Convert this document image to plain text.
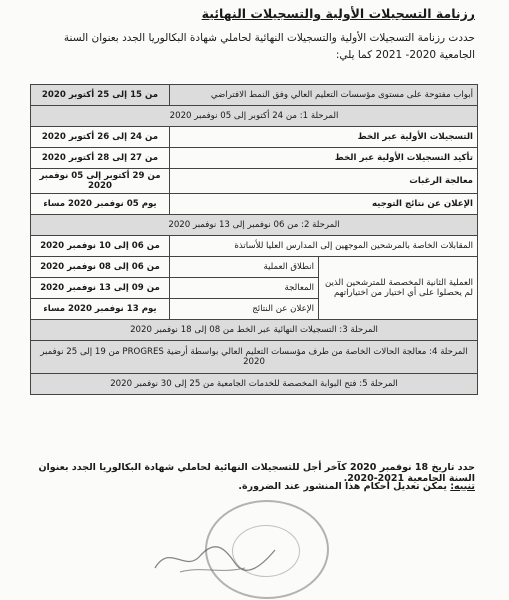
رزنامة التسجيلات الأولية والتسجيلات النهائية
حددت رزنامة التسجيلات الأولية والتسجيلات النهائية لحاملي شهادة البكالوريا الجدد بعنوان السنة الجامعية 2020- 2021 كما يلي:
أبواب مفتوحة على مستوى مؤسسات التعليم العالي وفق النمط الافتراضي		من 15 إلى 25 أكتوبر 2020
المرحلة 1: من 24 أكتوبر إلى 05 نوفمبر 2020		
التسجيلات الأولية عبر الخط		من 24 إلى 26 أكتوبر 2020
تأكيد التسجيلات الأولية عبر الخط		من 27 إلى 28 أكتوبر 2020
معالجة الرغبات		من 29 أكتوبر إلى 05 نوفمبر 2020
الإعلان عن نتائج التوجيه		يوم 05 نوفمبر 2020 مساء
المرحلة 2: من 06 نوفمبر إلى 13 نوفمبر 2020		
المقابلات الخاصة بالمرشحين الموجهين إلى المدارس العليا للأساتذة		من 06 إلى 10 نوفمبر 2020
العملية الثانية المخصصة للمترشحين الذين لم يحصلوا على أي اختيار من اختياراتهم	انطلاق العملية	من 06 إلى 08 نوفمبر 2020
	المعالجة	من 09 إلى 13 نوفمبر 2020
	الإعلان عن النتائج	يوم 13 نوفمبر 2020 مساء
المرحلة 3: التسجيلات النهائية عبر الخط من 08 إلى 18 نوفمبر 2020		
المرحلة 4: معالجة الحالات الخاصة من طرف مؤسسات التعليم العالي بواسطة أرضية PROGRES من 19 إلى 25 نوفمبر 2020		
المرحلة 5: فتح البوابة المخصصة للخدمات الجامعية من 25 إلى 30 نوفمبر 2020		
حدد تاريخ 18 نوفمبر 2020 كآخر أجل للتسجيلات النهائية لحاملي شهادة البكالوريا الجدد بعنوان السنة الجامعية 2021-2020.
تنبيه: يمكن تعديل أحكام هذا المنشور عند الضرورة.
